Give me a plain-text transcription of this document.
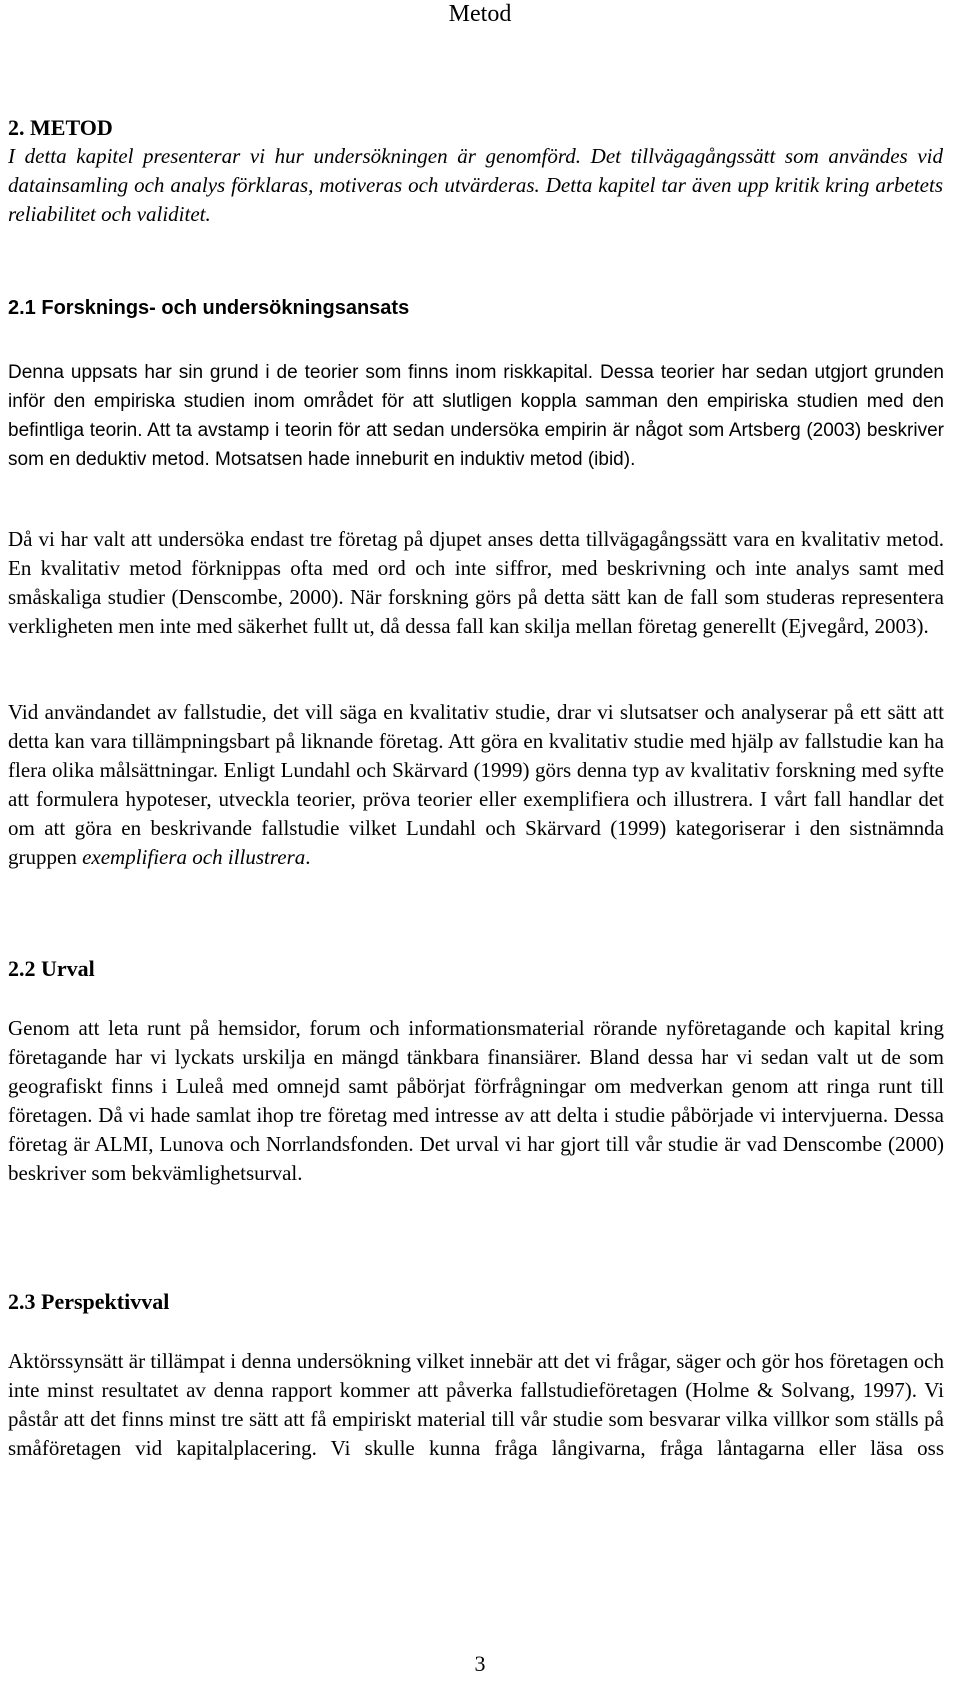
Metod
2. METOD

I detta kapitel presenterar vi hur undersökningen är genomförd. Det tillvägagångssätt som användes vid datainsamling och analys förklaras, motiveras och utvärderas. Detta kapitel tar även upp kritik kring arbetets reliabilitet och validitet.

2.1 Forsknings- och undersökningsansats

Denna uppsats har sin grund i de teorier som finns inom riskkapital. Dessa teorier har sedan utgjort grunden inför den empiriska studien inom området för att slutligen koppla samman den empiriska studien med den befintliga teorin. Att ta avstamp i teorin för att sedan undersöka empirin är något som Artsberg (2003) beskriver som en deduktiv metod. Motsatsen hade inneburit en induktiv metod (ibid).

Då vi har valt att undersöka endast tre företag på djupet anses detta tillvägagångssätt vara en kvalitativ metod. En kvalitativ metod förknippas ofta med ord och inte siffror, med beskrivning och inte analys samt med småskaliga studier (Denscombe, 2000). När forskning görs på detta sätt kan de fall som studeras representera verkligheten men inte med säkerhet fullt ut, då dessa fall kan skilja mellan företag generellt (Ejvegård, 2003).

Vid användandet av fallstudie, det vill säga en kvalitativ studie, drar vi slutsatser och analyserar på ett sätt att detta kan vara tillämpningsbart på liknande företag. Att göra en kvalitativ studie med hjälp av fallstudie kan ha flera olika målsättningar. Enligt Lundahl och Skärvard (1999) görs denna typ av kvalitativ forskning med syfte att formulera hypoteser, utveckla teorier, pröva teorier eller exemplifiera och illustrera. I vårt fall handlar det om att göra en beskrivande fallstudie vilket Lundahl och Skärvard (1999) kategoriserar i den sistnämnda gruppen exemplifiera och illustrera.

2.2 Urval

Genom att leta runt på hemsidor, forum och informationsmaterial rörande nyföretagande och kapital kring företagande har vi lyckats urskilja en mängd tänkbara finansiärer. Bland dessa har vi sedan valt ut de som geografiskt finns i Luleå med omnejd samt påbörjat förfrågningar om medverkan genom att ringa runt till företagen. Då vi hade samlat ihop tre företag med intresse av att delta i studie påbörjade vi intervjuerna. Dessa företag är ALMI, Lunova och Norrlandsfonden. Det urval vi har gjort till vår studie är vad Denscombe (2000) beskriver som bekvämlighetsurval.

2.3 Perspektivval

Aktörssynsätt är tillämpat i denna undersökning vilket innebär att det vi frågar, säger och gör hos företagen och inte minst resultatet av denna rapport kommer att påverka fallstudieföretagen (Holme & Solvang, 1997). Vi påstår att det finns minst tre sätt att få empiriskt material till vår studie som besvarar vilka villkor som ställs på småföretagen vid kapitalplacering. Vi skulle kunna fråga långivarna, fråga låntagarna eller läsa oss

3
